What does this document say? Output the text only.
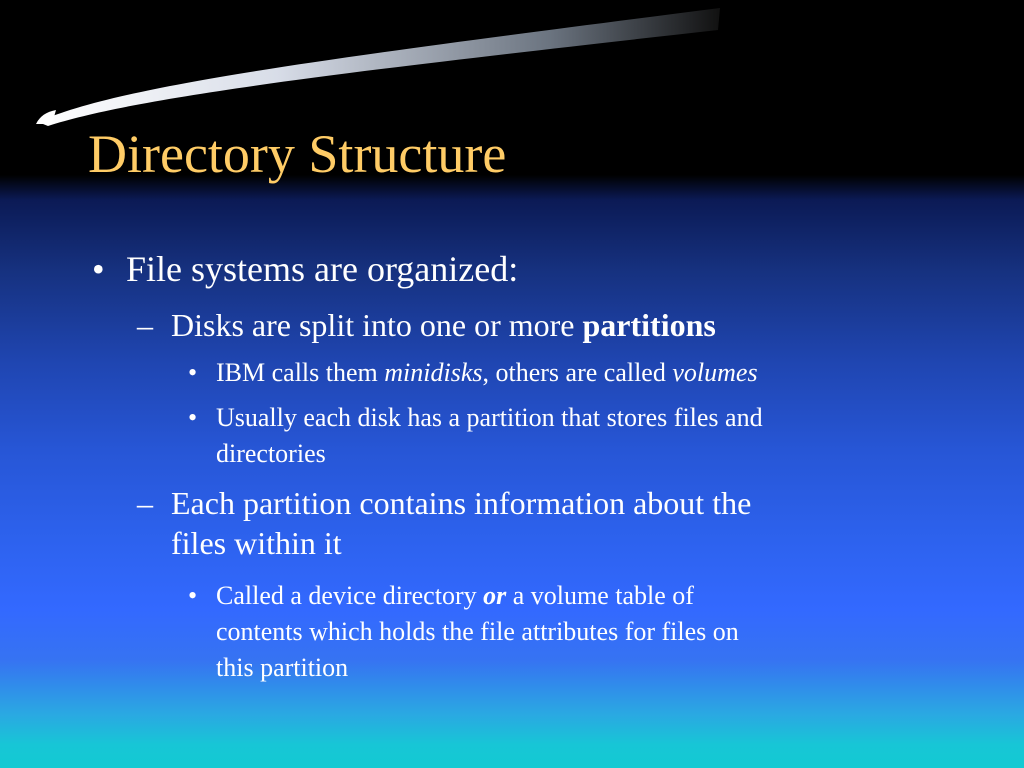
Directory Structure
• File systems are organized:
– Disks are split into one or more partitions
• IBM calls them minidisks, others are called volumes
• Usually each disk has a partition that stores files and
directories
– Each partition contains information about the
files within it
• Called a device directory or a volume table of
contents which holds the file attributes for files on
this partition
